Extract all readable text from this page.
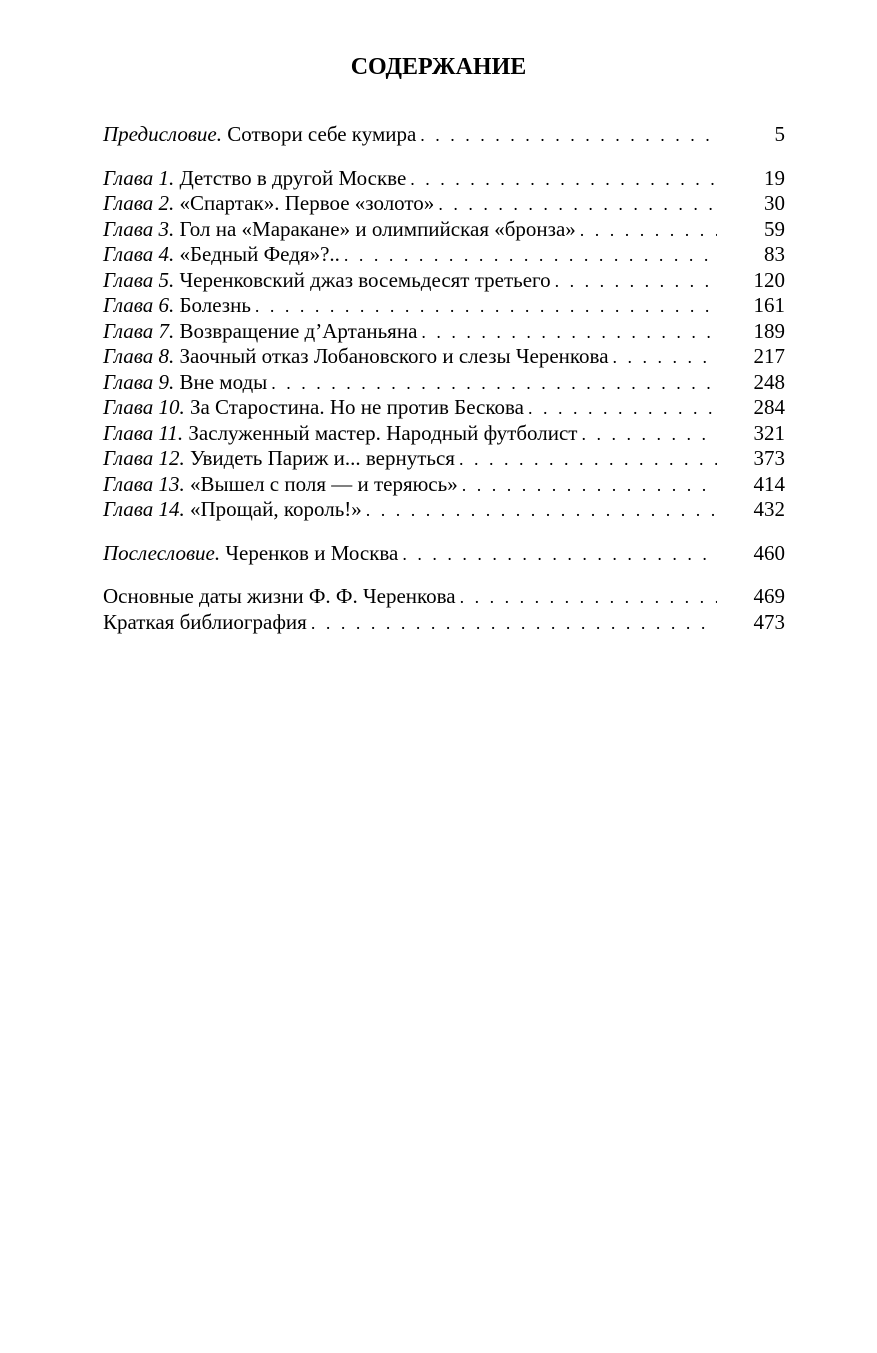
СОДЕРЖАНИЕ
Предисловие. Сотвори себе кумира . . .	5
Глава 1. Детство в другой Москве . . .	19
Глава 2. «Спартак». Первое «золото» . . .	30
Глава 3. Гол на «Маракане» и олимпийская «бронза» . . .	59
Глава 4. «Бедный Федя»?.. . . .	83
Глава 5. Черенковский джаз восемьдесят третьего . . .	120
Глава 6. Болезнь . . .	161
Глава 7. Возвращение д’Артаньяна . . .	189
Глава 8. Заочный отказ Лобановского и слезы Черенкова . . .	217
Глава 9. Вне моды . . .	248
Глава 10. За Старостина. Но не против Бескова . . .	284
Глава 11. Заслуженный мастер. Народный футболист . . .	321
Глава 12. Увидеть Париж и... вернуться . . .	373
Глава 13. «Вышел с поля — и теряюсь» . . .	414
Глава 14. «Прощай, король!» . . .	432
Послесловие. Черенков и Москва . . .	460
Основные даты жизни Ф. Ф. Черенкова . . .	469
Краткая библиография . . .	473
